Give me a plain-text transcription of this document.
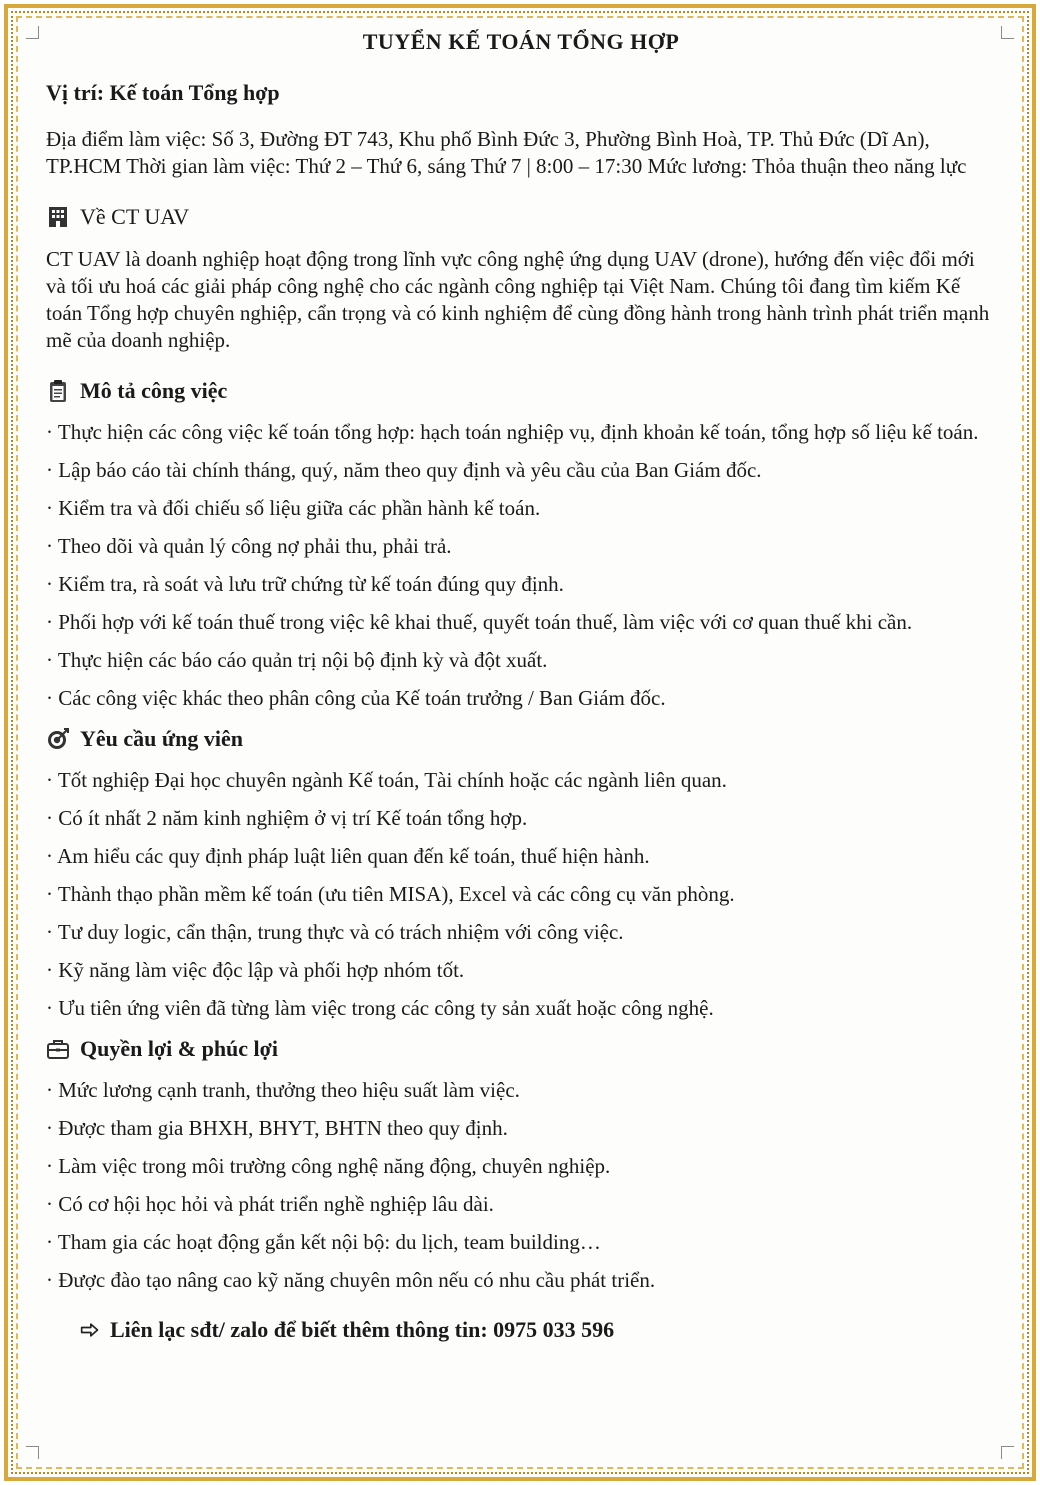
TUYỂN KẾ TOÁN TỔNG HỢP

Vị trí: Kế toán Tổng hợp

Địa điểm làm việc: Số 3, Đường ĐT 743, Khu phố Bình Đức 3, Phường Bình Hoà, TP. Thủ Đức (Dĩ An), TP.HCM Thời gian làm việc: Thứ 2 – Thứ 6, sáng Thứ 7 | 8:00 – 17:30 Mức lương: Thỏa thuận theo năng lực

Về CT UAV

CT UAV là doanh nghiệp hoạt động trong lĩnh vực công nghệ ứng dụng UAV (drone), hướng đến việc đổi mới và tối ưu hoá các giải pháp công nghệ cho các ngành công nghiệp tại Việt Nam. Chúng tôi đang tìm kiếm Kế toán Tổng hợp chuyên nghiệp, cẩn trọng và có kinh nghiệm để cùng đồng hành trong hành trình phát triển mạnh mẽ của doanh nghiệp.

Mô tả công việc
· Thực hiện các công việc kế toán tổng hợp: hạch toán nghiệp vụ, định khoản kế toán, tổng hợp số liệu kế toán.
· Lập báo cáo tài chính tháng, quý, năm theo quy định và yêu cầu của Ban Giám đốc.
· Kiểm tra và đối chiếu số liệu giữa các phần hành kế toán.
· Theo dõi và quản lý công nợ phải thu, phải trả.
· Kiểm tra, rà soát và lưu trữ chứng từ kế toán đúng quy định.
· Phối hợp với kế toán thuế trong việc kê khai thuế, quyết toán thuế, làm việc với cơ quan thuế khi cần.
· Thực hiện các báo cáo quản trị nội bộ định kỳ và đột xuất.
· Các công việc khác theo phân công của Kế toán trưởng / Ban Giám đốc.
Yêu cầu ứng viên
· Tốt nghiệp Đại học chuyên ngành Kế toán, Tài chính hoặc các ngành liên quan.
· Có ít nhất 2 năm kinh nghiệm ở vị trí Kế toán tổng hợp.
· Am hiểu các quy định pháp luật liên quan đến kế toán, thuế hiện hành.
· Thành thạo phần mềm kế toán (ưu tiên MISA), Excel và các công cụ văn phòng.
· Tư duy logic, cẩn thận, trung thực và có trách nhiệm với công việc.
· Kỹ năng làm việc độc lập và phối hợp nhóm tốt.
· Ưu tiên ứng viên đã từng làm việc trong các công ty sản xuất hoặc công nghệ.
Quyền lợi & phúc lợi
· Mức lương cạnh tranh, thưởng theo hiệu suất làm việc.
· Được tham gia BHXH, BHYT, BHTN theo quy định.
· Làm việc trong môi trường công nghệ năng động, chuyên nghiệp.
· Có cơ hội học hỏi và phát triển nghề nghiệp lâu dài.
· Tham gia các hoạt động gắn kết nội bộ: du lịch, team building…
· Được đào tạo nâng cao kỹ năng chuyên môn nếu có nhu cầu phát triển.
Liên lạc sđt/ zalo để biết thêm thông tin: 0975 033 596
